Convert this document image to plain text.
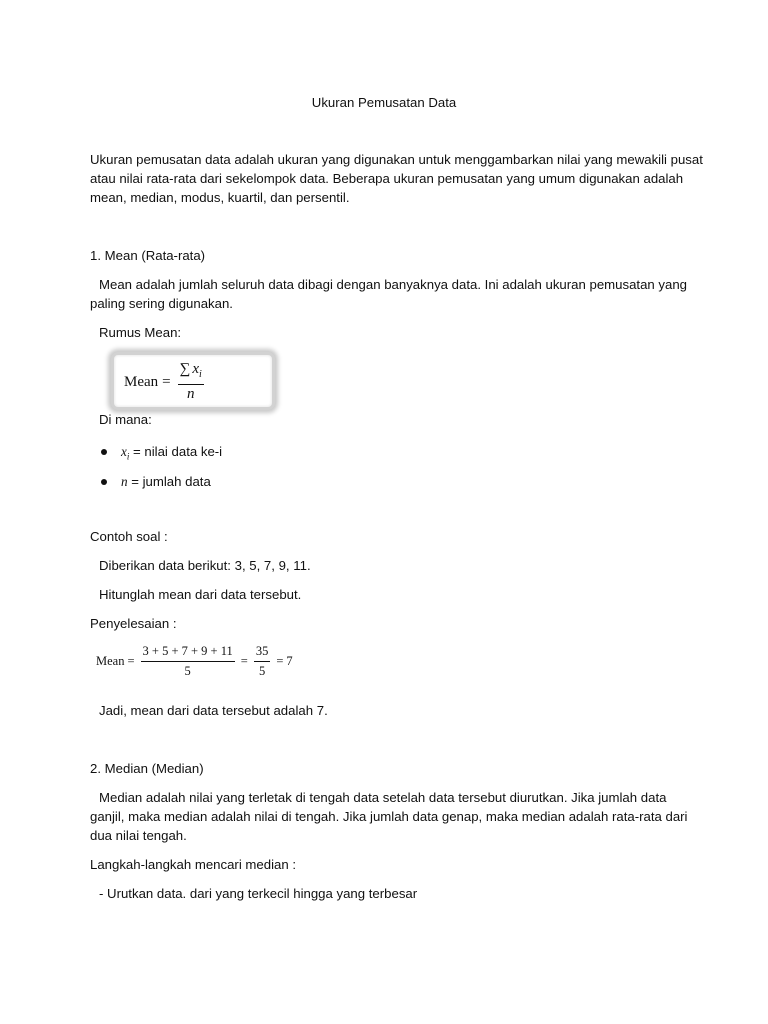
Ukuran Pemusatan Data
Ukuran pemusatan data adalah ukuran yang digunakan untuk menggambarkan nilai yang mewakili pusat
atau nilai rata-rata dari sekelompok data. Beberapa ukuran pemusatan yang umum digunakan adalah
mean, median, modus, kuartil, dan persentil.
1. Mean (Rata-rata)
Mean adalah jumlah seluruh data dibagi dengan banyaknya data. Ini adalah ukuran pemusatan yang
paling sering digunakan.
Rumus Mean:
Mean = $\frac{\sum x_i}{n}$
Di mana:
$x_i$ = nilai data ke-i
n = jumlah data
Contoh soal :
Diberikan data berikut: 3, 5, 7, 9, 11.
Hitunglah mean dari data tersebut.
Penyelesaian :
Mean = $\frac{3 + 5 + 7 + 9 + 11}{5} = \frac{35}{5} = 7$
Jadi, mean dari data tersebut adalah 7.
2. Median (Median)
Median adalah nilai yang terletak di tengah data setelah data tersebut diurutkan. Jika jumlah data
ganjil, maka median adalah nilai di tengah. Jika jumlah data genap, maka median adalah rata-rata dari
dua nilai tengah.
Langkah-langkah mencari median :
- Urutkan data. dari yang terkecil hingga yang terbesar
